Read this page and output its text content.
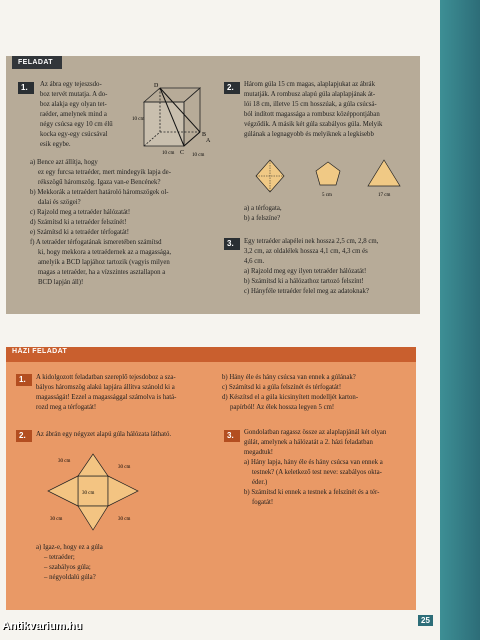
FELADAT
1.	Az ábra egy tejeszsdo-

boz tervét mutatja. A do-

boz alakja egy olyan tet-

raéder, amelynek mind a

négy csúcsa egy 10 cm élű

kocka egy-egy csúcsával

esik egybe.

D
B
C
A
10 cm
10 cm	10 cm

a) Bence azt állítja, hogy

ez egy furcsa tetraéder, mert mindegyik lapja de-

rékszögű háromszög. Igaza van-e Bencének?

b) Mekkorák a tetraédert határoló háromszögek ol-

dalai és szögei?

c) Rajzold meg a tetraéder hálózatát!

d) Számítsd ki a tetraéder felszínét!

e) Számítsd ki a tetraéder térfogatát!

f) A tetraéder térfogatának ismeretében számítsd

ki, hogy mekkora a tetraédernek az a magassága,

amelyik a BCD lapjához tartozik (vagyis milyen

magas a tetraéder, ha a vízszintes asztallapon a

BCD lapján áll)!

2.	Három gúla 15 cm magas, alaplapjukat az ábrák

mutatják. A rombusz alapú gúla alaplapjának át-

lói 18 cm, illetve 15 cm hosszúak, a gúla csúcsá-

ból indított magassága a rombusz középpontjában

végződik. A másik két gúla szabályos gúla. Melyik

gúlának a legnagyobb és melyiknek a legkisebb

5 cm	17 cm

a) a térfogata,

b) a felszíne?

3.	Egy tetraéder alapélei nek hossza 2,5 cm, 2,8 cm,

3,2 cm, az oldalélek hossza 4,1 cm, 4,3 cm és

4,6 cm.

a) Rajzold meg egy ilyen tetraéder hálózatát!

b) Számítsd ki a hálózathoz tartozó felszínt!

c) Hányféle tetraéder felel meg az adatoknak?

HÁZI FELADAT
1.	A kidolgozott feladatban szereplő tejesdoboz a sza-

bályos háromszög alakú lapjára állítva szánold ki a

magasságát! Ezzel a magassággal számolva is hatá-

rozd meg a térfogatát!

2.	Az ábrán egy négyzet alapú gúla hálózata látható.
30 cm
30 cm
30 cm
30 cm	30 cm

a) Igaz-e, hogy ez a gúla

– tetraéder;

– szabályos gúla;

– négyoldalú gúla?

b) Hány éle és hány csúcsa van ennek a gúlának?

c) Számítsd ki a gúla felszínét és térfogatát!

d) Készítsd el a gúla kicsinyített modelljét karton-

papírból! Az élek hossza legyen 5 cm!

3.	Gondolatban ragassz össze az alaplapjánál két olyan

gúlát, amelynek a hálózatát a 2. házi feladatban

megadtuk!

a) Hány lapja, hány éle és hány csúcsa van ennek a

testnek? (A keletkező test neve: szabályos okta-

éder.)

b) Számítsd ki ennek a testnek a felszínét és a tér-

fogatát!

25
Antikvarium.hu
